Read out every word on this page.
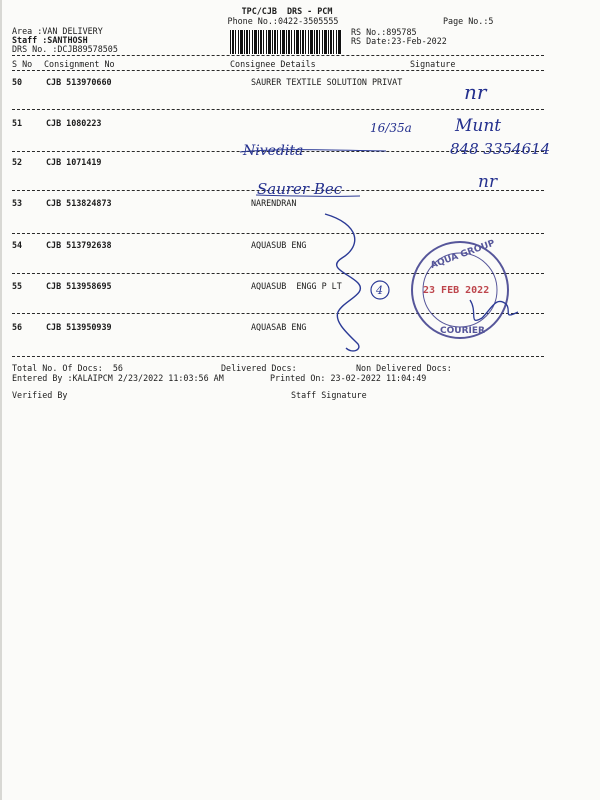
TPC/CJB  DRS - PCM
Phone No.:0422-3505555	Page No.:5
Area :VAN DELIVERY
Staff :SANTHOSH
DRS No. :DCJB89578505
RS No.:895785
RS Date:23-Feb-2022
S No Consignment No	Consignee Details	Signature
50	CJB 513970660	SAURER TEXTILE SOLUTION PRIVAT
51	CJB 1080223
52	CJB 1071419
53	CJB 513824873	NARENDRAN
54	CJB 513792638	AQUASUB ENG
55	CJB 513958695	AQUASUB  ENGG P LT
56	CJB 513950939	AQUASAB ENG
Total No. Of Docs:  56	Delivered Docs:	Non Delivered Docs:
Entered By :KALAIPCM 2/23/2022 11:03:56 AM	Printed On: 23-02-2022 11:04:49
Verified By	Staff Signature
nr
16/35a	Munt
848 3354614
Nivedita
nr
Saurer Bec
4
AQUA GROUP
23 FEB 2022
COURIER
